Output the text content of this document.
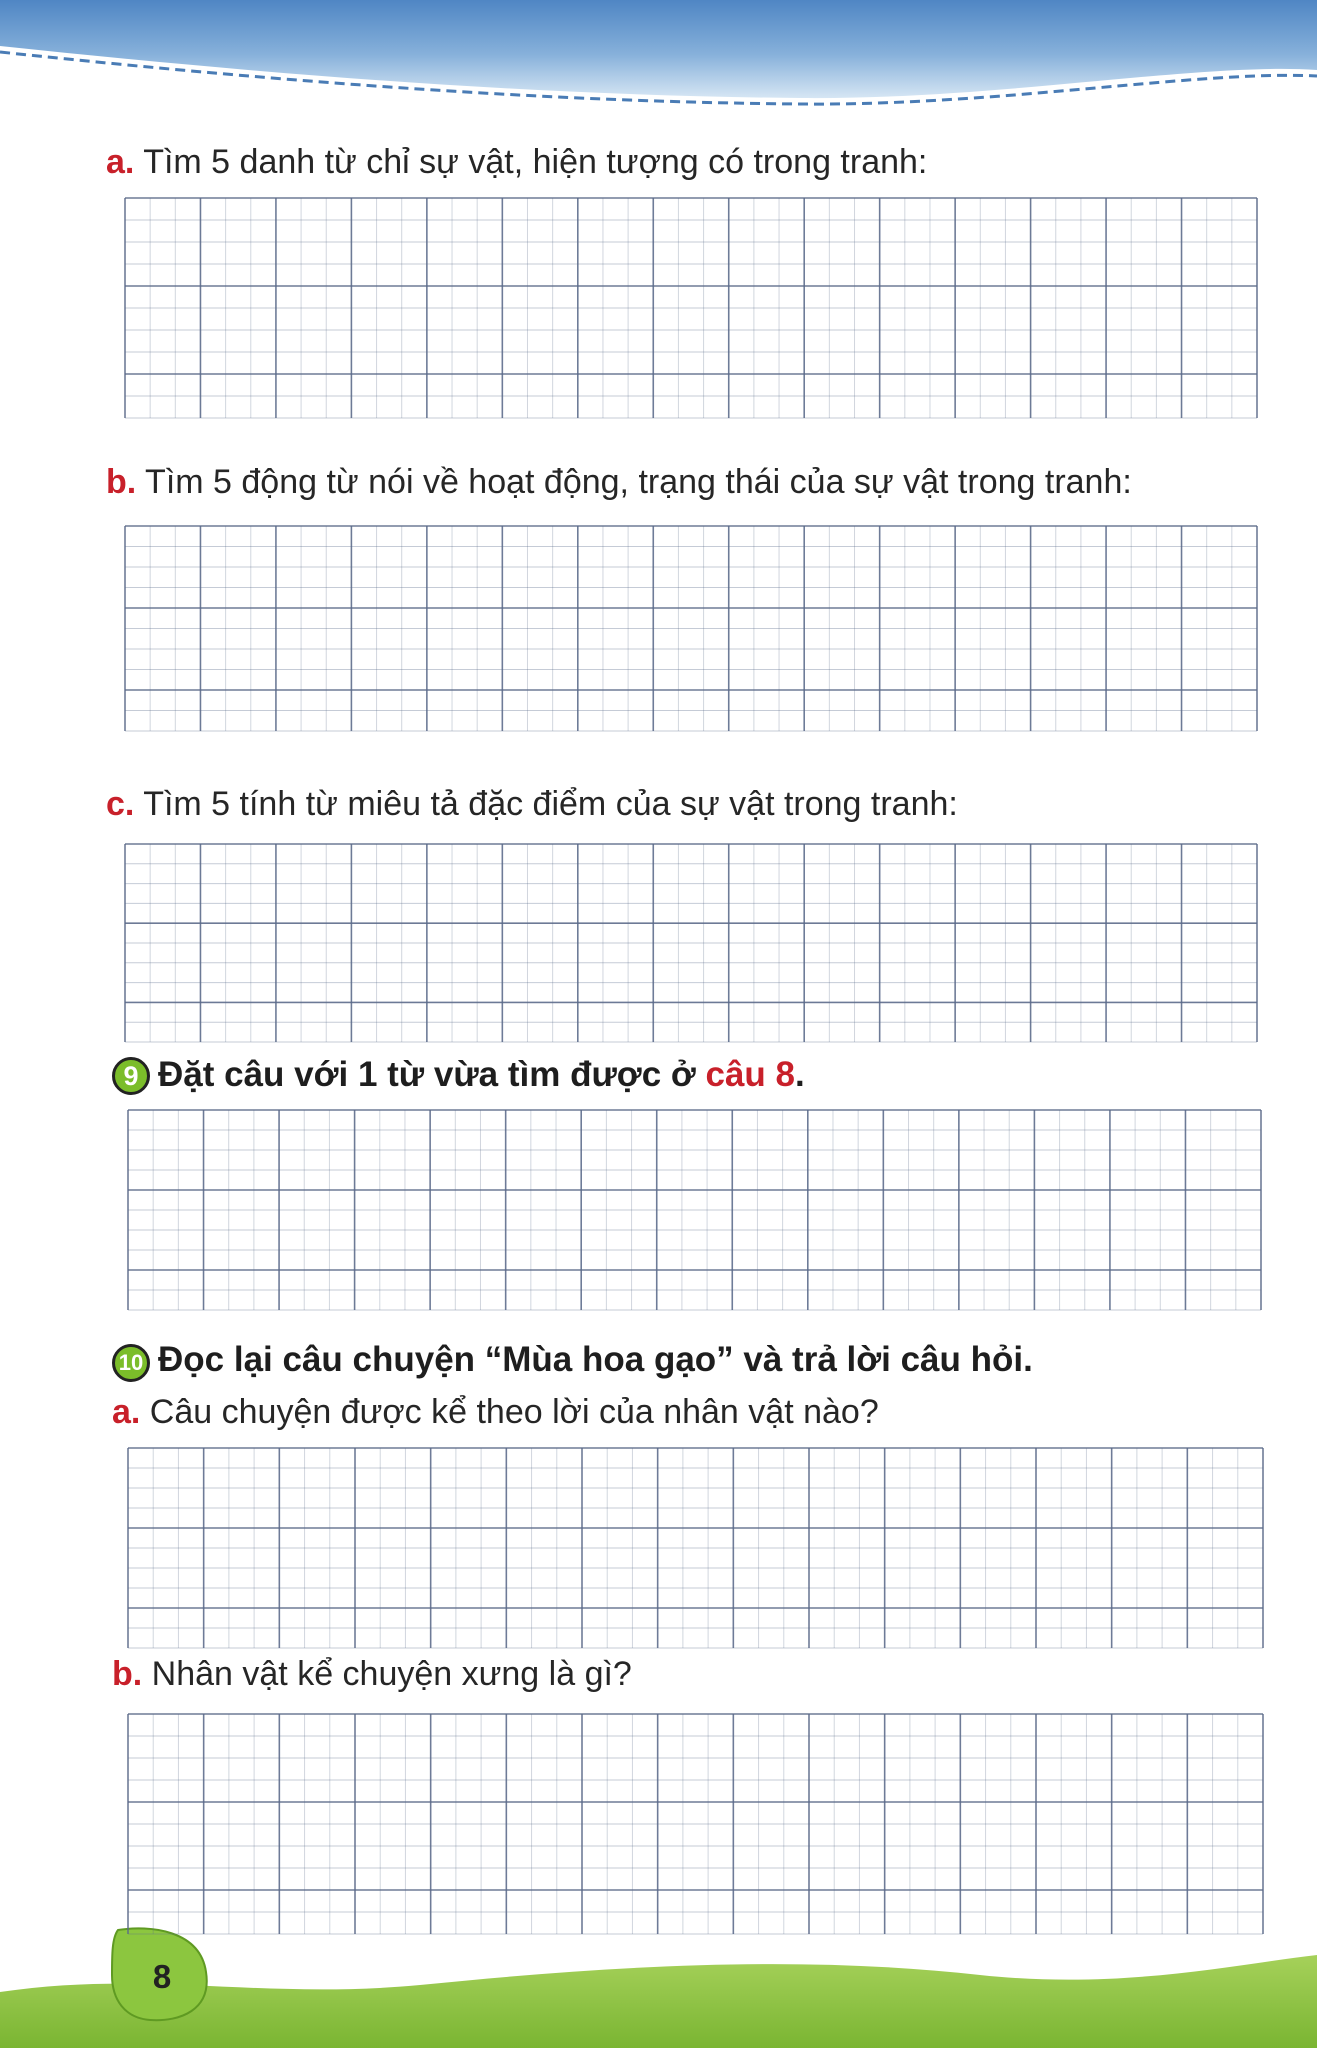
a. Tìm 5 danh từ chỉ sự vật, hiện tượng có trong tranh:

b. Tìm 5 động từ nói về hoạt động, trạng thái của sự vật trong tranh:

c. Tìm 5 tính từ miêu tả đặc điểm của sự vật trong tranh:

9 Đặt câu với 1 từ vừa tìm được ở câu 8.

10 Đọc lại câu chuyện “Mùa hoa gạo” và trả lời câu hỏi.

a. Câu chuyện được kể theo lời của nhân vật nào?

b. Nhân vật kể chuyện xưng là gì?

8
